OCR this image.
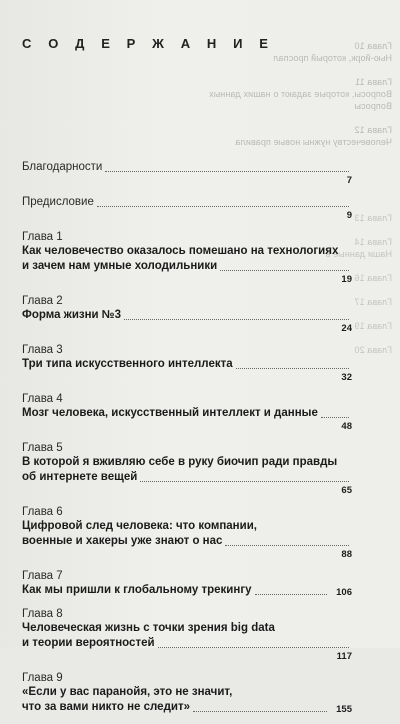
Глава 10
Нью-йорк, который проспал

Глава 11
Вопросы, которые задают о наших данных
Вопросы

Глава 12
Человечеству нужны новые правила
Глава 13

Глава 14
Наши данные в

Глава 16

Глава 17

Глава 19

Глава 20
С О Д Е Р Ж А Н И Е
Благодарности
7
Предисловие
9
Глава 1
Как человечество оказалось помешано на технологиях
и зачем нам умные холодильники
19
Глава 2
Форма жизни №3
24
Глава 3
Три типа искусственного интеллекта
32
Глава 4
Мозг человека, искусственный интеллект и данные
48
Глава 5
В которой я вживляю себе в руку биочип ради правды
об интернете вещей
65
Глава 6
Цифровой след человека: что компании,
военные и хакеры уже знают о нас
88
Глава 7
Как мы пришли к глобальному трекингу	106
Глава 8
Человеческая жизнь с точки зрения big data
и теории вероятностей
117
Глава 9
«Если у вас паранойя, это не значит,
что за вами никто не следит»	155
